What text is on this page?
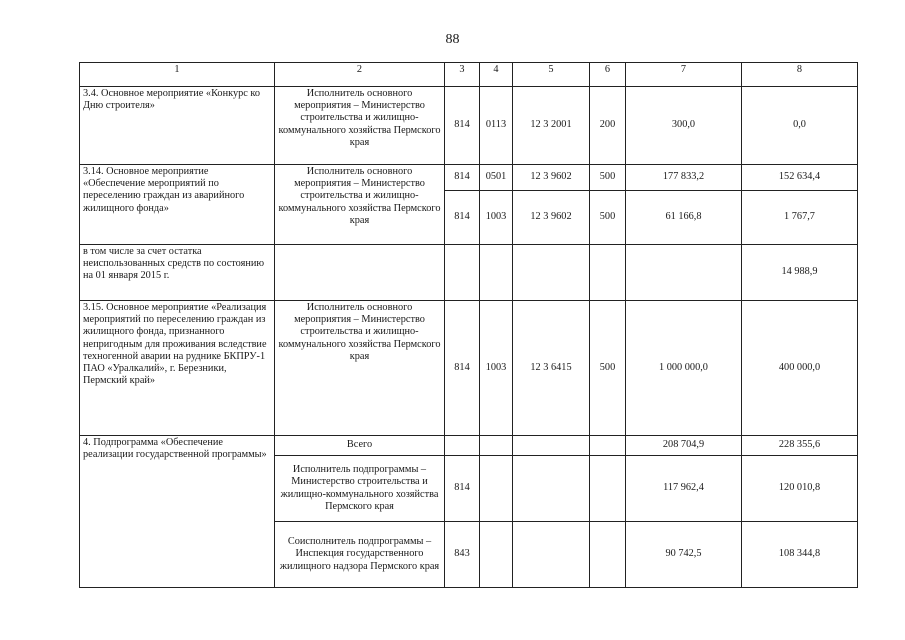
88
1	2	3	4	5	6	7	8
3.4. Основное мероприятие «Конкурс ко Дню строителя»	Исполнитель основного мероприятия – Министерство строительства и жилищно-коммунального хозяйства Пермского края	814	0113	12 3 2001	200	300,0	0,0
3.14. Основное мероприятие «Обеспечение мероприятий по переселению граждан из аварийного жилищного фонда»	Исполнитель основного мероприятия – Министерство строительства и жилищно-коммунального хозяйства Пермского края	814	0501	12 3 9602	500	177 833,2	152 634,4
		814	1003	12 3 9602	500	61 166,8	1 767,7
в том числе за счет остатка неиспользованных средств по состоянию на 01 января 2015 г.							14 988,9
3.15. Основное мероприятие «Реализация мероприятий по переселению граждан из жилищного фонда, признанного непригодным для проживания вследствие техногенной аварии на руднике БКПРУ-1 ПАО «Уралкалий», г. Березники, Пермский край»	Исполнитель основного мероприятия – Министерство строительства и жилищно-коммунального хозяйства Пермского края	814	1003	12 3 6415	500	1 000 000,0	400 000,0
4. Подпрограмма «Обеспечение реализации государственной программы»	Всего					208 704,9	228 355,6
	Исполнитель подпрограммы – Министерство строительства и жилищно-коммунального хозяйства Пермского края	814				117 962,4	120 010,8
	Соисполнитель подпрограммы – Инспекция государственного жилищного надзора Пермского края	843				90 742,5	108 344,8
